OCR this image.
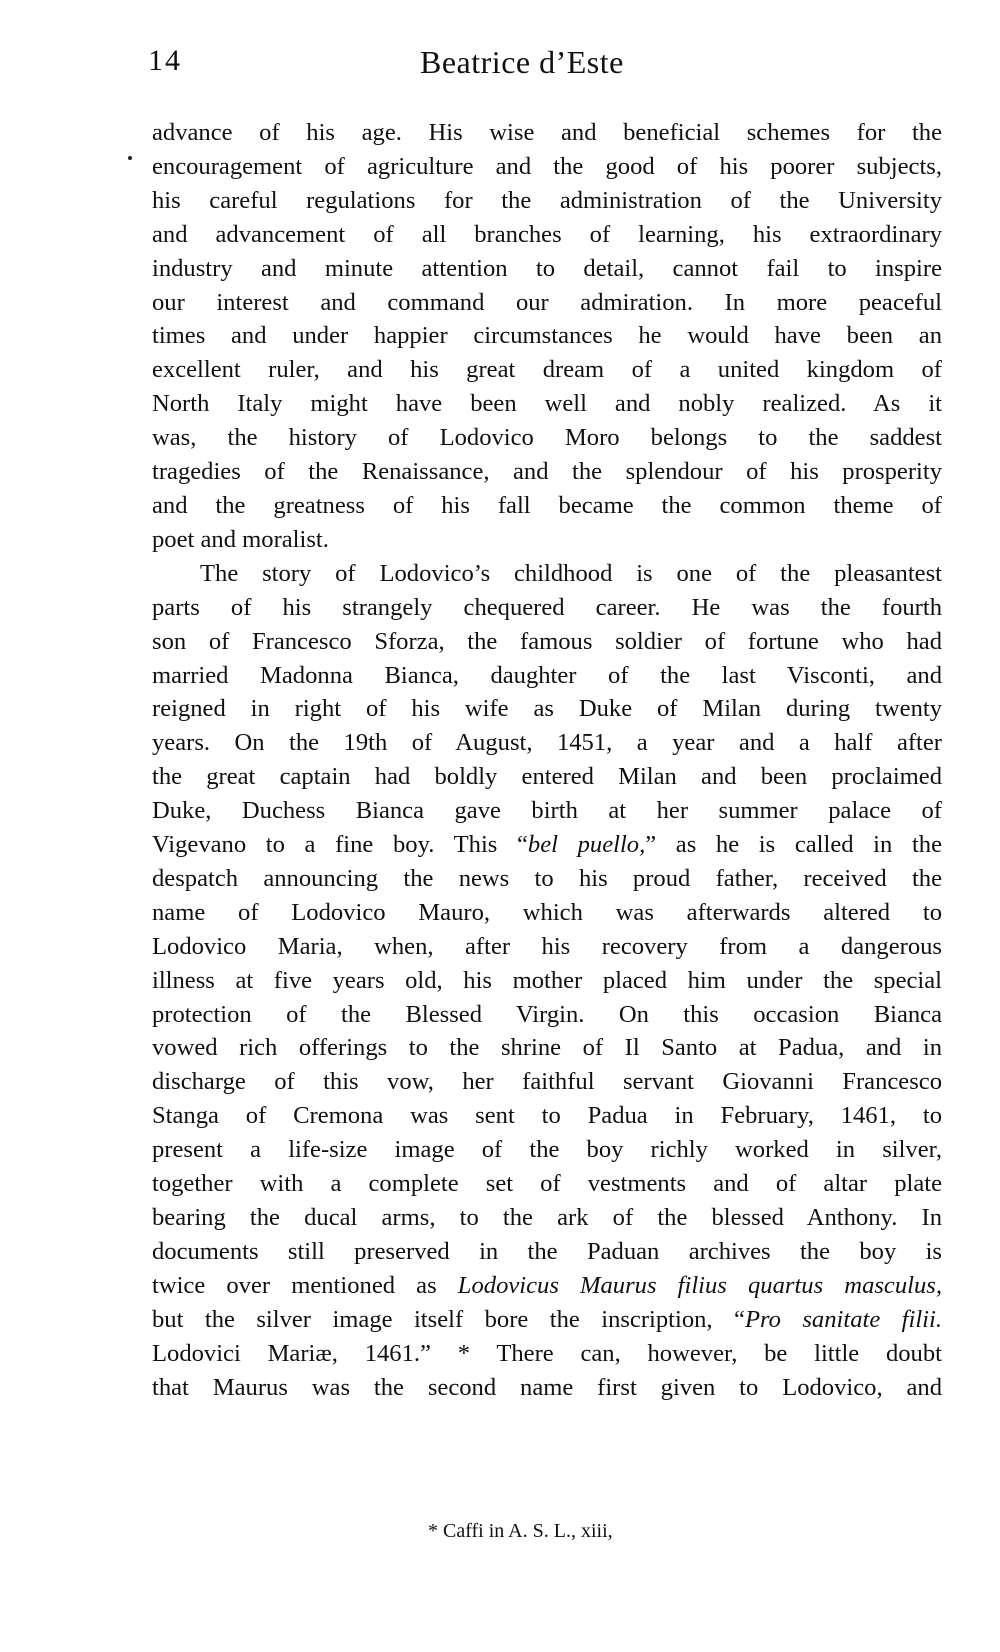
14	Beatrice d’Este

advance of his age. His wise and beneficial schemes for the
encouragement of agriculture and the good of his poorer subjects,
his careful regulations for the administration of the University
and advancement of all branches of learning, his extraordinary
industry and minute attention to detail, cannot fail to inspire
our interest and command our admiration. In more peaceful
times and under happier circumstances he would have been an
excellent ruler, and his great dream of a united kingdom of
North Italy might have been well and nobly realized. As it
was, the history of Lodovico Moro belongs to the saddest
tragedies of the Renaissance, and the splendour of his prosperity
and the greatness of his fall became the common theme of
poet and moralist.

The story of Lodovico’s childhood is one of the pleasantest
parts of his strangely chequered career. He was the fourth
son of Francesco Sforza, the famous soldier of fortune who had
married Madonna Bianca, daughter of the last Visconti, and
reigned in right of his wife as Duke of Milan during twenty
years. On the 19th of August, 1451, a year and a half after
the great captain had boldly entered Milan and been proclaimed
Duke, Duchess Bianca gave birth at her summer palace of
Vigevano to a fine boy. This “bel puello,” as he is called in the
despatch announcing the news to his proud father, received the
name of Lodovico Mauro, which was afterwards altered to
Lodovico Maria, when, after his recovery from a dangerous
illness at five years old, his mother placed him under the special
protection of the Blessed Virgin. On this occasion Bianca
vowed rich offerings to the shrine of Il Santo at Padua, and in
discharge of this vow, her faithful servant Giovanni Francesco
Stanga of Cremona was sent to Padua in February, 1461, to
present a life-size image of the boy richly worked in silver,
together with a complete set of vestments and of altar plate
bearing the ducal arms, to the ark of the blessed Anthony. In
documents still preserved in the Paduan archives the boy is
twice over mentioned as Lodovicus Maurus filius quartus masculus,
but the silver image itself bore the inscription, “Pro sanitate filii.
Lodovici Mariæ, 1461.” * There can, however, be little doubt
that Maurus was the second name first given to Lodovico, and

* Caffi in A. S. L., xiii,
